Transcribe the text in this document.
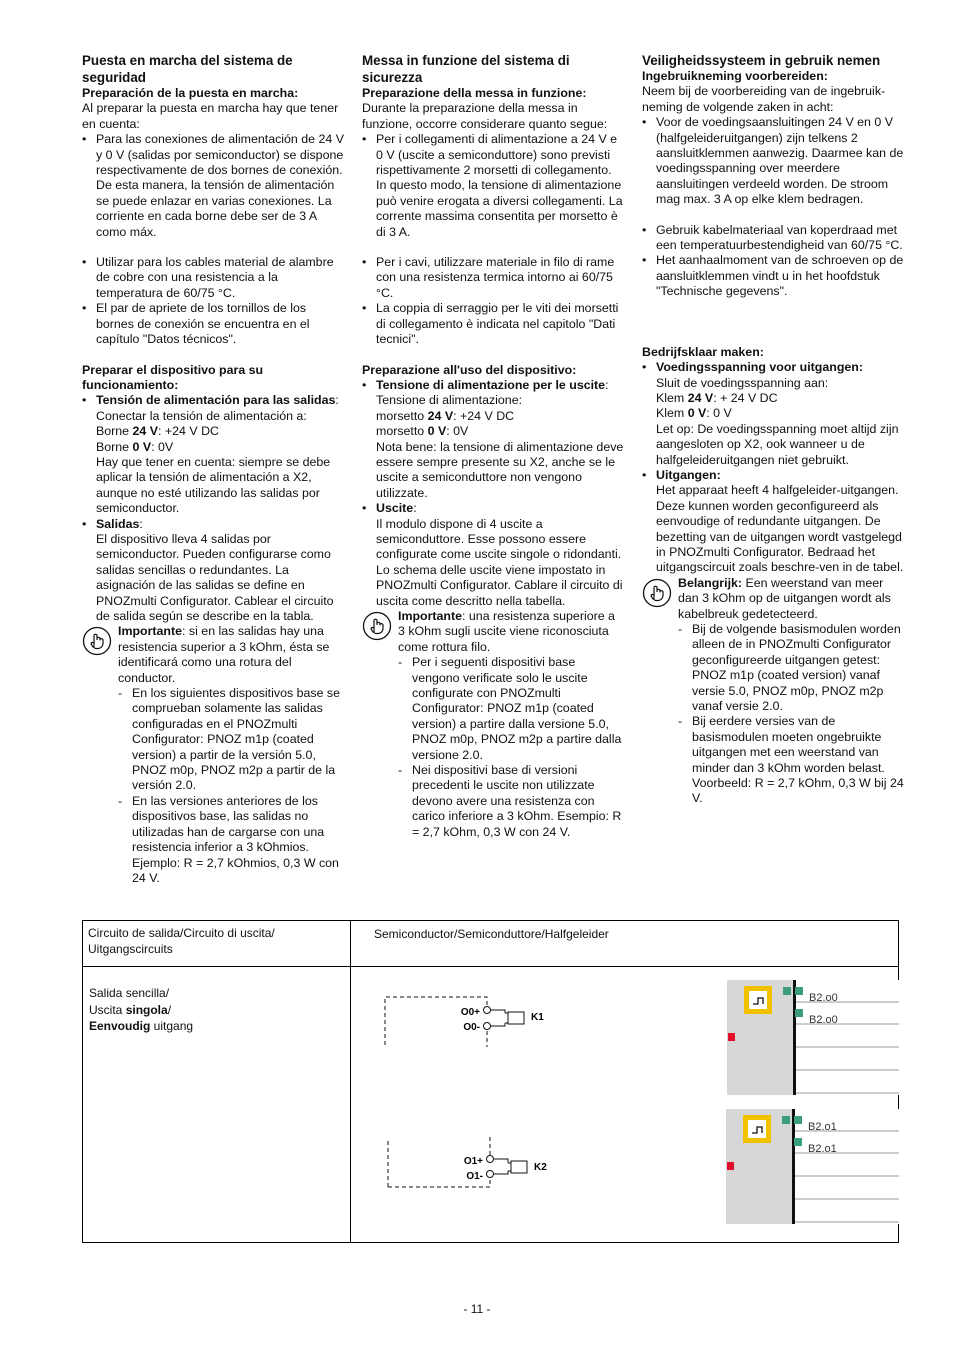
Puesta en marcha del sistema de seguridad
Preparación de la puesta en marcha:

Al preparar la puesta en marcha hay que tener en cuenta:

• Para las conexiones de alimentación de 24 V y 0 V (salidas por semiconductor) se dispone respectivamente de dos bornes de conexión. De esta manera, la tensión de alimentación se puede enlazar en varias conexiones. La corriente en cada borne debe ser de 3 A como máx.
• Utilizar para los cables material de alambre de cobre con una resistencia a la temperatura de 60/75 °C.
• El par de apriete de los tornillos de los bornes de conexión se encuentra en el capítulo "Datos técnicos".
Preparar el dispositivo para su funcionamiento:
• Tensión de alimentación para las salidas:
Conectar la tensión de alimentación a:
Borne 24 V: +24 V DC
Borne 0 V: 0V
Hay que tener en cuenta: siempre se debe aplicar la tensión de alimentación a X2, aunque no esté utilizando las salidas por semiconductor.
• Salidas:
El dispositivo lleva 4 salidas por semiconductor. Pueden configurarse como salidas sencillas o redundantes. La asignación de las salidas se define en PNOZmulti Configurator. Cablear el circuito de salida según se describe en la tabla.
Importante: si en las salidas hay una resistencia superior a 3 kOhm, ésta se identificará como una rotura del conductor.
- En los siguientes dispositivos base se comprueban solamente las salidas configuradas en el PNOZmulti Configurator: PNOZ m1p (coated version) a partir de la versión 5.0, PNOZ m0p, PNOZ m2p a partir de la versión 2.0.
- En las versiones anteriores de los dispositivos base, las salidas no utilizadas han de cargarse con una resistencia inferior a 3 kOhmios. Ejemplo: R = 2,7 kOhmios, 0,3 W con 24 V.
Messa in funzione del sistema di sicurezza
Preparazione della messa in funzione:

Durante la preparazione della messa in funzione, occorre considerare quanto segue:

• Per i collegamenti di alimentazione a 24 V e 0 V (uscite a semiconduttore) sono previsti rispettivamente 2 morsetti di collegamento. In questo modo, la tensione di alimentazione può venire erogata a diversi collegamenti. La corrente massima consentita per morsetto è di 3 A.
• Per i cavi, utilizzare materiale in filo di rame con una resistenza termica intorno ai 60/75 °C.
• La coppia di serraggio per le viti dei morsetti di collegamento è indicata nel capitolo "Dati tecnici".
Preparazione all'uso del dispositivo:
• Tensione di alimentazione per le uscite:
Tensione di alimentazione:
morsetto 24 V: +24 V DC
morsetto 0 V: 0V
Nota bene: la tensione di alimentazione deve essere sempre presente su X2, anche se le uscite a semiconduttore non vengono utilizzate.
• Uscite:
Il modulo dispone di 4 uscite a semiconduttore. Esse possono essere configurate come uscite singole o ridondanti. Lo schema delle uscite viene impostato in PNOZmulti Configurator. Cablare il circuito di uscita come descritto nella tabella.
Importante: una resistenza superiore a 3 kOhm sugli uscite viene riconosciuta come rottura filo.
- Per i seguenti dispositivi base vengono verificate solo le uscite configurate con PNOZmulti Configurator: PNOZ m1p (coated version) a partire dalla versione 5.0, PNOZ m0p, PNOZ m2p a partire dalla versione 2.0.
- Nei dispositivi base di versioni precedenti le uscite non utilizzate devono avere una resistenza con carico inferiore a 3 kOhm. Esempio: R = 2,7 kOhm, 0,3 W con 24 V.
Veiligheidssysteem in gebruik nemen
Ingebruikneming voorbereiden:

Neem bij de voorbereiding van de ingebruik-neming de volgende zaken in acht:

• Voor de voedingsaansluitingen 24 V en 0 V (halfgeleideruitgangen) zijn telkens 2 aansluitklemmen aanwezig. Daarmee kan de voedingsspanning over meerdere aansluitingen verdeeld worden. De stroom mag max. 3 A op elke klem bedragen.
• Gebruik kabelmateriaal van koperdraad met een temperatuurbestendigheid van 60/75 °C.
• Het aanhaalmoment van de schroeven op de aansluitklemmen vindt u in het hoofdstuk "Technische gegevens".
Bedrijfsklaar maken:
• Voedingsspanning voor uitgangen:
Sluit de voedingsspanning aan:
Klem 24 V: + 24 V DC
Klem 0 V: 0 V
Let op: De voedingsspanning moet altijd zijn aangesloten op X2, ook wanneer u de halfgeleideruitgangen niet gebruikt.
• Uitgangen:
Het apparaat heeft 4 halfgeleider-uitgangen. Deze kunnen worden geconfigureerd als eenvoudige of redundante uitgangen. De bezetting van de uitgangen wordt vastgelegd in PNOZmulti Configurator. Bedraad het uitgangscircuit zoals beschre-ven in de tabel.
Belangrijk: Een weerstand van meer dan 3 kOhm op de uitgangen wordt als kabelbreuk gedetecteerd.
- Bij de volgende basismodulen worden alleen de in PNOZmulti Configurator geconfigureerde uitgangen getest: PNOZ m1p (coated version) vanaf versie 5.0, PNOZ m0p, PNOZ m2p vanaf versie 2.0.
- Bij eerdere versies van de basismodulen moeten ongebruikte uitgangen met een weerstand van minder dan 3 kOhm worden belast. Voorbeeld: R = 2,7 kOhm, 0,3 W bij 24 V.
Circuito de salida/Circuito di uscita/ Uitgangscircuits
Semiconductor/Semiconduttore/Halfgeleider
Salida sencilla/
Uscita singola/
Eenvoudig uitgang
O0+
O0-
K1
O1+
O1-
K2
B2.o0
B2.o0
B2.o1
B2.o1
- 11 -
